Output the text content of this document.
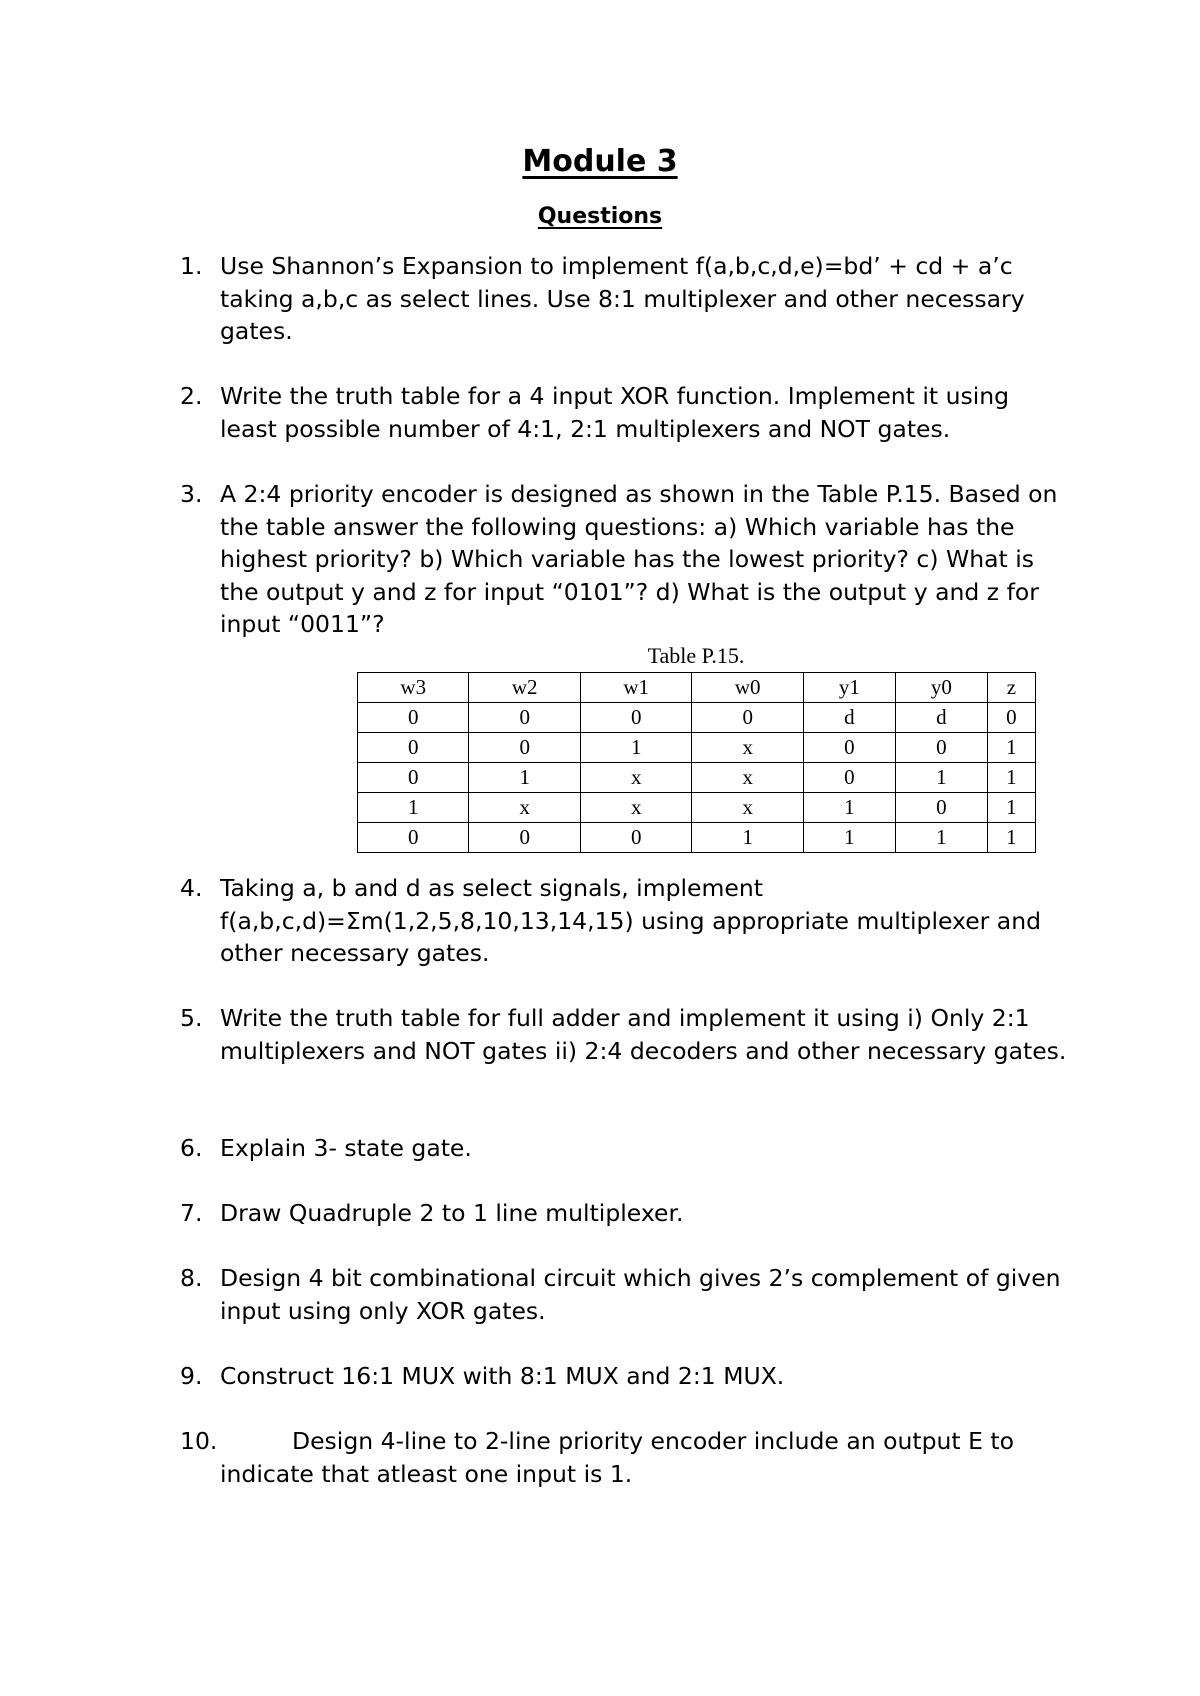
Module 3
Questions
1. Use Shannon’s Expansion to implement f(a,b,c,d,e)=bd’ + cd + a’c taking a,b,c as select lines. Use 8:1 multiplexer and other necessary gates.
2. Write the truth table for a 4 input XOR function. Implement it using least possible number of 4:1, 2:1 multiplexers and NOT gates.
3. A 2:4 priority encoder is designed as shown in the Table P.15. Based on the table answer the following questions: a) Which variable has the highest priority? b) Which variable has the lowest priority? c) What is the output y and z for input “0101”? d) What is the output y and z for input “0011”?
Table P.15.
w3	w2	w1	w0	y1	y0	z
0	0	0	0	d	d	0
0	0	1	x	0	0	1
0	1	x	x	0	1	1
1	x	x	x	1	0	1
0	0	0	1	1	1	1
4. Taking a, b and d as select signals, implement f(a,b,c,d)=Σm(1,2,5,8,10,13,14,15) using appropriate multiplexer and other necessary gates.
5. Write the truth table for full adder and implement it using i) Only 2:1 multiplexers and NOT gates ii) 2:4 decoders and other necessary gates.
6. Explain 3- state gate.
7. Draw Quadruple 2 to 1 line multiplexer.
8. Design 4 bit combinational circuit which gives 2’s complement of given input using only XOR gates.
9. Construct 16:1 MUX with 8:1 MUX and 2:1 MUX.
10.	Design 4-line to 2-line priority encoder include an output E to
indicate that atleast one input is 1.
